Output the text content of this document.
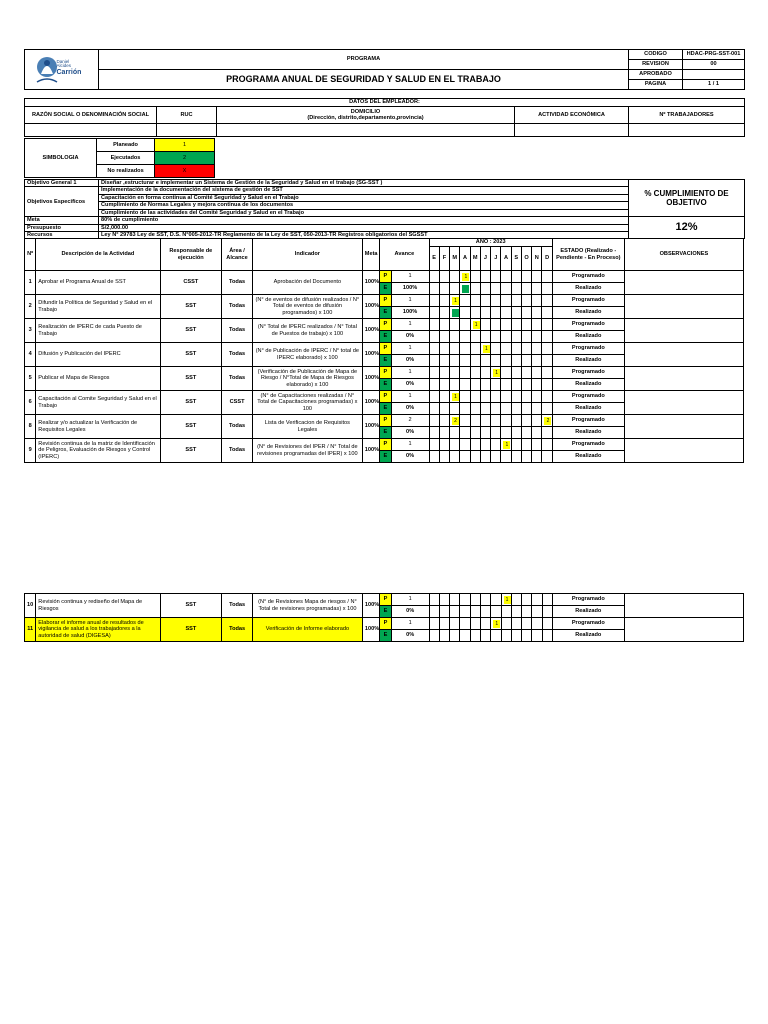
Daniel
Alcides
Carrión	PROGRAMA	CODIGO	HDAC-PRG-SST-001
		REVISION	00
	PROGRAMA ANUAL DE SEGURIDAD Y SALUD EN EL TRABAJO	APROBADO	
		PAGINA	1 / 1
DATOS DEL EMPLEADOR:				
RAZÓN SOCIAL O DENOMINACIÓN SOCIAL	RUC	DOMICILIO
(Dirección, distrito,departamento,provincia)	ACTIVIDAD ECONÓMICA	Nº TRABAJADORES

SIMBOLOGIA	Planeado	1
	Ejecutados	2
	No realizados	X
Objetivo General 1	Diseñar ,estructurar e implementar un Sistema de Gestión de la Seguridad y Salud en el trabajo (SG-SST )	% CUMPLIMIENTO DE OBJETIVO
Objetivos Especificos	Implementación de la documentación del sistema de gestión de SST	
	Capacitación en forma continua al Comité Seguridad y Salud en el Trabajo	
	Cumplimiento de Normas Legales y mejora continua de los documentos	
	Cumplimiento de las actividades del Comité Seguridad y Salud en el Trabajo	
Meta	80% de cumplimiento	12%
Presupuesto	S/2,000.00	
Recursos	Ley N° 29783 Ley de SST, D.S. N°005-2012-TR Reglamento de la Ley de SST, 050-2013-TR Registros obligatorios del SGSST	
Nº	Descripción de la Actividad	Responsable de ejecución	Área / Alcance	Indicador	Meta	Avance		AÑO : 2023												ESTADO (Realizado - Pendiente - En Proceso)	OBSERVACIONES
								E	F	M	A	M	J	J	A	S	O	N	D		
1	Aprobar el Programa Anual de SST	CSST	Todas	Aprobación del Documento	100%	P	1				1									Programado	
						E	100%													Realizado	
2	Difundir la Política de Seguridad y Salud en el Trabajo	SST	Todas	(N° de eventos de difusión realizados / N° Total de eventos de difusión programados) x 100	100%	P	1			1										Programado	
						E	100%													Realizado	
3	Realización de IPERC de cada Puesto de Trabajo	SST	Todas	(N° Total de IPERC realizados / N° Total de Puestos de trabajo) x 100	100%	P	1					1								Programado	
						E	0%													Realizado	
4	Difusión y Publicación del IPERC	SST	Todas	(N° de Publicación de IPERC / N° total de IPERC elaborado) x 100	100%	P	1						1							Programado	
						E	0%													Realizado	
5	Publicar el Mapa de Riesgos	SST	Todas	(Verificación de Publicación de Mapa de Riesgo / N°Total de Mapa de Riesgos elaborado) x 100	100%	P	1							1						Programado	
						E	0%													Realizado	
6	Capacitación al Comite Seguridad y Salud en el Trabajo	SST	CSST	(N° de Capacitaciones realizadas / N° Total de Capacitaciones programadas) x 100	100%	P	1			1										Programado	
						E	0%													Realizado	
8	Realizar y/o actualizar la Verificación de Requisitos Legales	SST	Todas	Lista de Verificacion de Requisitos Legales	100%	P	2			2									2	Programado	
						E	0%													Realizado	
9	Revisión continua de la matriz de Identificación de Peligros, Evaluación de Riesgos y Control (IPERC)	SST	Todas	(N° de Revisiones del IPER / N° Total de revisiones programadas del IPER) x 100	100%	P	1								1					Programado	
						E	0%													Realizado	
10	Revisión continua y rediseño del Mapa de Riesgos	SST	Todas	(N° de Revisiones Mapa de riesgos / N° Total de revisiones programadas) x 100	100%	P	1								1					Programado	
						E	0%													Realizado	
11	Elaborar el informe anual de resultados de vigilancia de salud a los trabajadores a la autoridad de salud (DIGESA)	SST	Todas	Verificación de Informe elaborado	100%	P	1							1						Programado	
						E	0%													Realizado	
